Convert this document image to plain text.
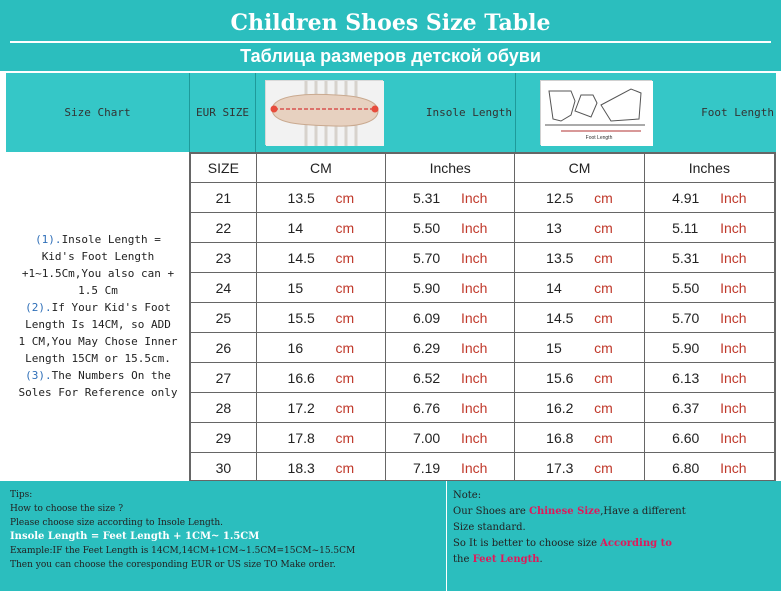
Children Shoes Size Table
Таблица размеров детской обуви
Size Chart	EUR SIZE	Insole Length	Foot Length
Foot Length
(1).Insole Length =
Kid's Foot Length
+1~1.5Cm,You also can +
1.5 Cm
(2).If Your Kid's Foot
Length Is 14CM, so ADD
1 CM,You May Chose Inner
Length 15CM or 15.5cm.
(3).The Numbers On the
Soles For Reference only
SIZE	CM	Inches	CM	Inches
21	13.5 cm	5.31 Inch	12.5 cm	4.91 Inch
22	14 cm	5.50 Inch	13 cm	5.11 Inch
23	14.5 cm	5.70 Inch	13.5 cm	5.31 Inch
24	15 cm	5.90 Inch	14 cm	5.50 Inch
25	15.5 cm	6.09 Inch	14.5 cm	5.70 Inch
26	16 cm	6.29 Inch	15 cm	5.90 Inch
27	16.6 cm	6.52 Inch	15.6 cm	6.13 Inch
28	17.2 cm	6.76 Inch	16.2 cm	6.37 Inch
29	17.8 cm	7.00 Inch	16.8 cm	6.60 Inch
30	18.3 cm	7.19 Inch	17.3 cm	6.80 Inch
Tips:
How to choose the size ?
Please choose size according to Insole Length.
Insole Length = Feet Length + 1CM~ 1.5CM
Example:IF the Feet Length is 14CM,14CM+1CM~1.5CM=15CM~15.5CM
Then you can choose the coresponding EUR or US size TO Make order.
Note:
Our Shoes are Chinese Size,Have a different
Size standard.
So It is better to choose size According to
the Feet Length.
